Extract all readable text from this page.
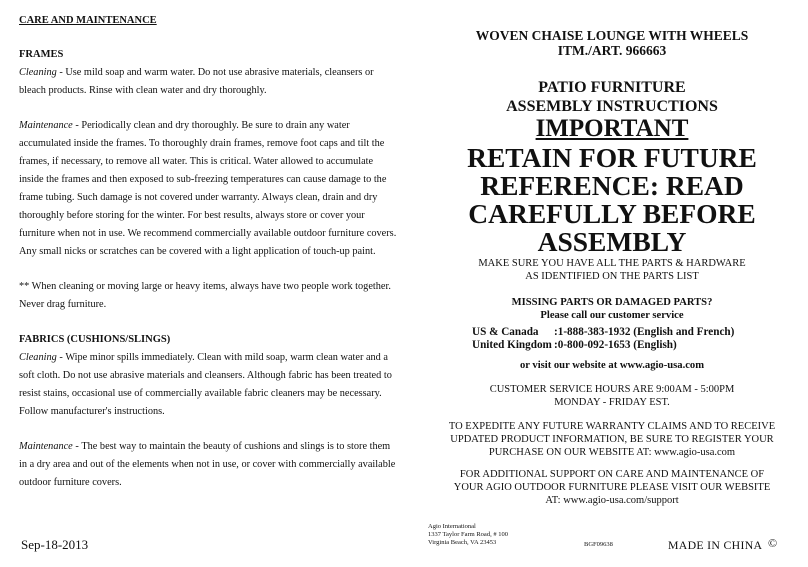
CARE AND MAINTENANCE
FRAMES

Cleaning - Use mild soap and warm water. Do not use abrasive materials, cleansers or bleach products. Rinse with clean water and dry thoroughly.

Maintenance - Periodically clean and dry thoroughly. Be sure to drain any water accumulated inside the frames. To thoroughly drain frames, remove foot caps and tilt the frames, if necessary, to remove all water. This is critical. Water allowed to accumulate inside the frames and then exposed to sub-freezing temperatures can cause damage to the frame tubing. Such damage is not covered under warranty. Always clean, drain and dry thoroughly before storing for the winter. For best results, always store or cover your furniture when not in use. We recommend commercially available outdoor furniture covers. Any small nicks or scratches can be covered with a light application of touch-up paint.

** When cleaning or moving large or heavy items, always have two people work together. Never drag furniture.

FABRICS (CUSHIONS/SLINGS)

Cleaning - Wipe minor spills immediately. Clean with mild soap, warm clean water and a soft cloth. Do not use abrasive materials and cleansers. Although fabric has been treated to resist stains, occasional use of commercially available fabric cleaners may be necessary. Follow manufacturer's instructions.

Maintenance - The best way to maintain the beauty of cushions and slings is to store them in a dry area and out of the elements when not in use, or cover with commercially available outdoor furniture covers.

Sep-18-2013
WOVEN CHAISE LOUNGE WITH WHEELS
ITM./ART. 966663
PATIO FURNITURE
ASSEMBLY INSTRUCTIONS
IMPORTANT
RETAIN FOR FUTURE
REFERENCE: READ
CAREFULLY BEFORE
ASSEMBLY
MAKE SURE YOU HAVE ALL THE PARTS & HARDWARE
AS IDENTIFIED ON THE PARTS LIST
MISSING PARTS OR DAMAGED PARTS?
Please call our customer service
US & Canada :1-888-383-1932 (English and French)
United Kingdom :0-800-092-1653 (English)
or visit our website at www.agio-usa.com
CUSTOMER SERVICE HOURS ARE 9:00AM - 5:00PM
MONDAY - FRIDAY EST.
TO EXPEDITE ANY FUTURE WARRANTY CLAIMS AND TO RECEIVE
UPDATED PRODUCT INFORMATION, BE SURE TO REGISTER YOUR
PURCHASE ON OUR WEBSITE AT: www.agio-usa.com
FOR ADDITIONAL SUPPORT ON CARE AND MAINTENANCE OF
YOUR AGIO OUTDOOR FURNITURE PLEASE VISIT OUR WEBSITE
AT: www.agio-usa.com/support
Agio International
1337 Taylor Farm Road, # 100
Virginia Beach, VA 23453	BGF09638	MADE IN CHINA ©
